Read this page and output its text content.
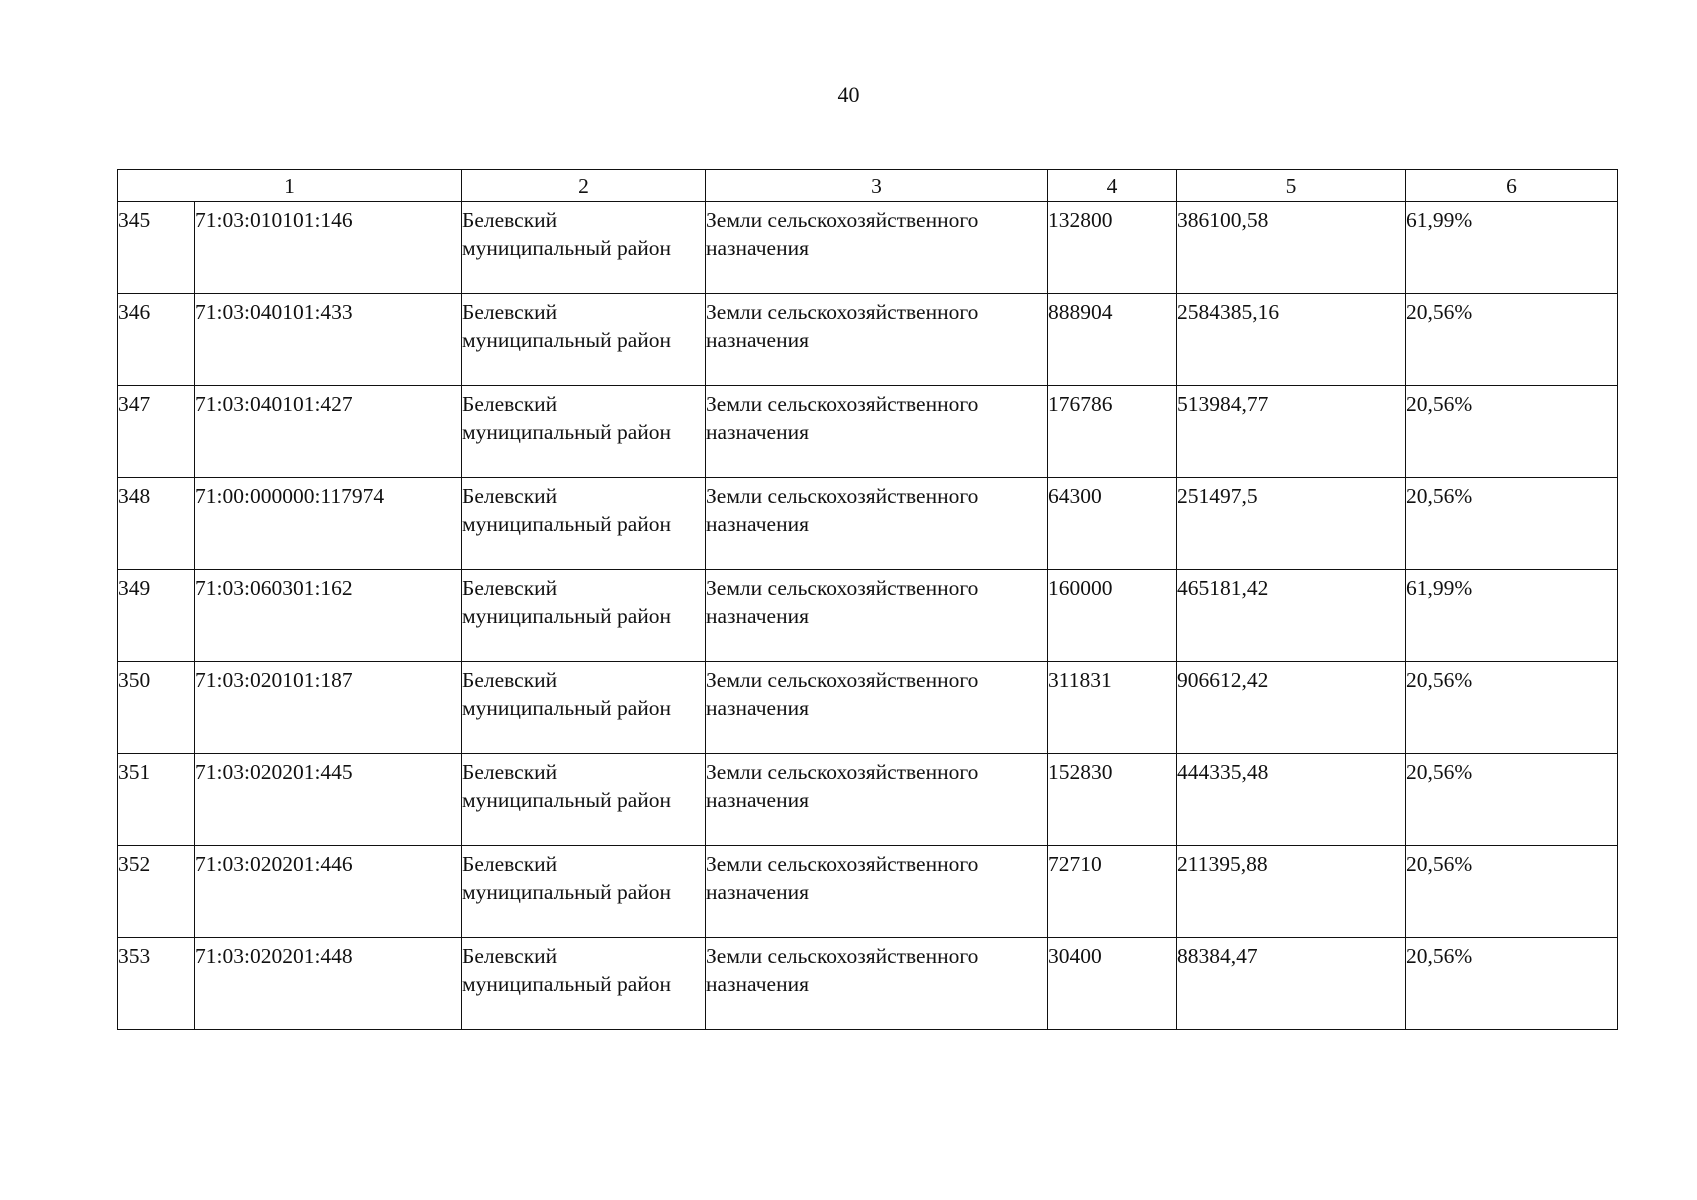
40
1		2	3	4	5	6
345	71:03:010101:146	Белевский муниципальный район	Земли сельскохозяйственного назначения	132800	386100,58	61,99%
346	71:03:040101:433	Белевский муниципальный район	Земли сельскохозяйственного назначения	888904	2584385,16	20,56%
347	71:03:040101:427	Белевский муниципальный район	Земли сельскохозяйственного назначения	176786	513984,77	20,56%
348	71:00:000000:117974	Белевский муниципальный район	Земли сельскохозяйственного назначения	64300	251497,5	20,56%
349	71:03:060301:162	Белевский муниципальный район	Земли сельскохозяйственного назначения	160000	465181,42	61,99%
350	71:03:020101:187	Белевский муниципальный район	Земли сельскохозяйственного назначения	311831	906612,42	20,56%
351	71:03:020201:445	Белевский муниципальный район	Земли сельскохозяйственного назначения	152830	444335,48	20,56%
352	71:03:020201:446	Белевский муниципальный район	Земли сельскохозяйственного назначения	72710	211395,88	20,56%
353	71:03:020201:448	Белевский муниципальный район	Земли сельскохозяйственного назначения	30400	88384,47	20,56%
